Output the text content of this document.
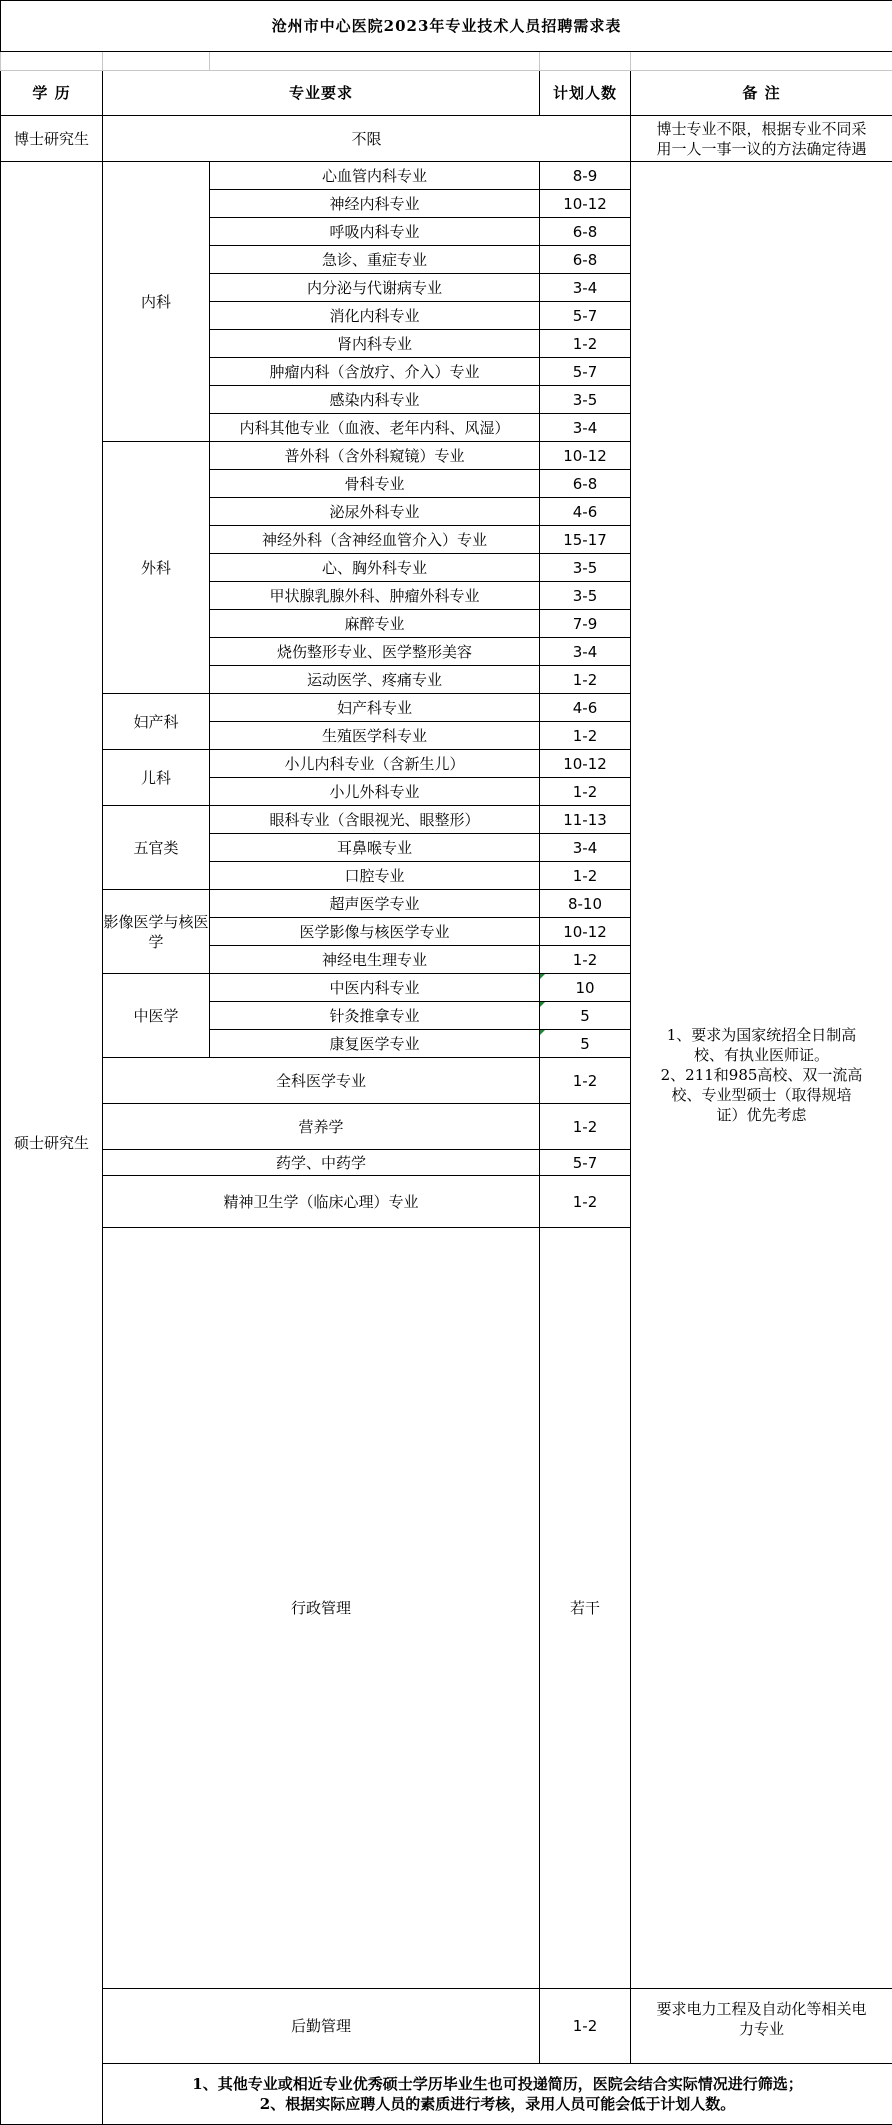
沧州市中心医院2023年专业技术人员招聘需求表					

学 历	专业要求		计划人数	备 注	
博士研究生	不限			博士专业不限，根据专业不同采
用一人一事一议的方法确定待遇	

硕士研究生	内科	心血管内科专业	8-9	1、要求为国家统招全日制高
校、有执业医师证。
2、211和985高校、双一流高
校、专业型硕士（取得规培
证）优先考虑	

		神经内科专业	10-12		
		呼吸内科专业	6-8		
		急诊、重症专业	6-8		
		内分泌与代谢病专业	3-4		
		消化内科专业	5-7		
		肾内科专业	1-2		
		肿瘤内科（含放疗、介入）专业	5-7		
		感染内科专业	3-5		
		内科其他专业（血液、老年内科、风湿）	3-4		
	外科	普外科（含外科窥镜）专业	10-12		
		骨科专业	6-8		
		泌尿外科专业	4-6		
		神经外科（含神经血管介入）专业	15-17		
		心、胸外科专业	3-5		
		甲状腺乳腺外科、肿瘤外科专业	3-5		
		麻醉专业	7-9		
		烧伤整形专业、医学整形美容	3-4		
		运动医学、疼痛专业	1-2		
	妇产科	妇产科专业	4-6		
		生殖医学科专业	1-2		
	儿科	小儿内科专业（含新生儿）	10-12		
		小儿外科专业	1-2		
	五官类	眼科专业（含眼视光、眼整形）	11-13		
		耳鼻喉专业	3-4		
		口腔专业	1-2		
	影像医学与核医学	超声医学专业	8-10		
		医学影像与核医学专业	10-12		
		神经电生理专业	1-2		
	中医学	中医内科专业	10		
		针灸推拿专业	5		
		康复医学专业	5		
	全科医学专业		1-2		
	营养学		1-2		
	药学、中药学		5-7		
	精神卫生学（临床心理）专业		1-2		
	行政管理		若干	

	后勤管理		1-2	要求电力工程及自动化等相关电
力专业	

	1、其他专业或相近专业优秀硕士学历毕业生也可投递简历，医院会结合实际情况进行筛选；
2、根据实际应聘人员的素质进行考核，录用人员可能会低于计划人数。				
